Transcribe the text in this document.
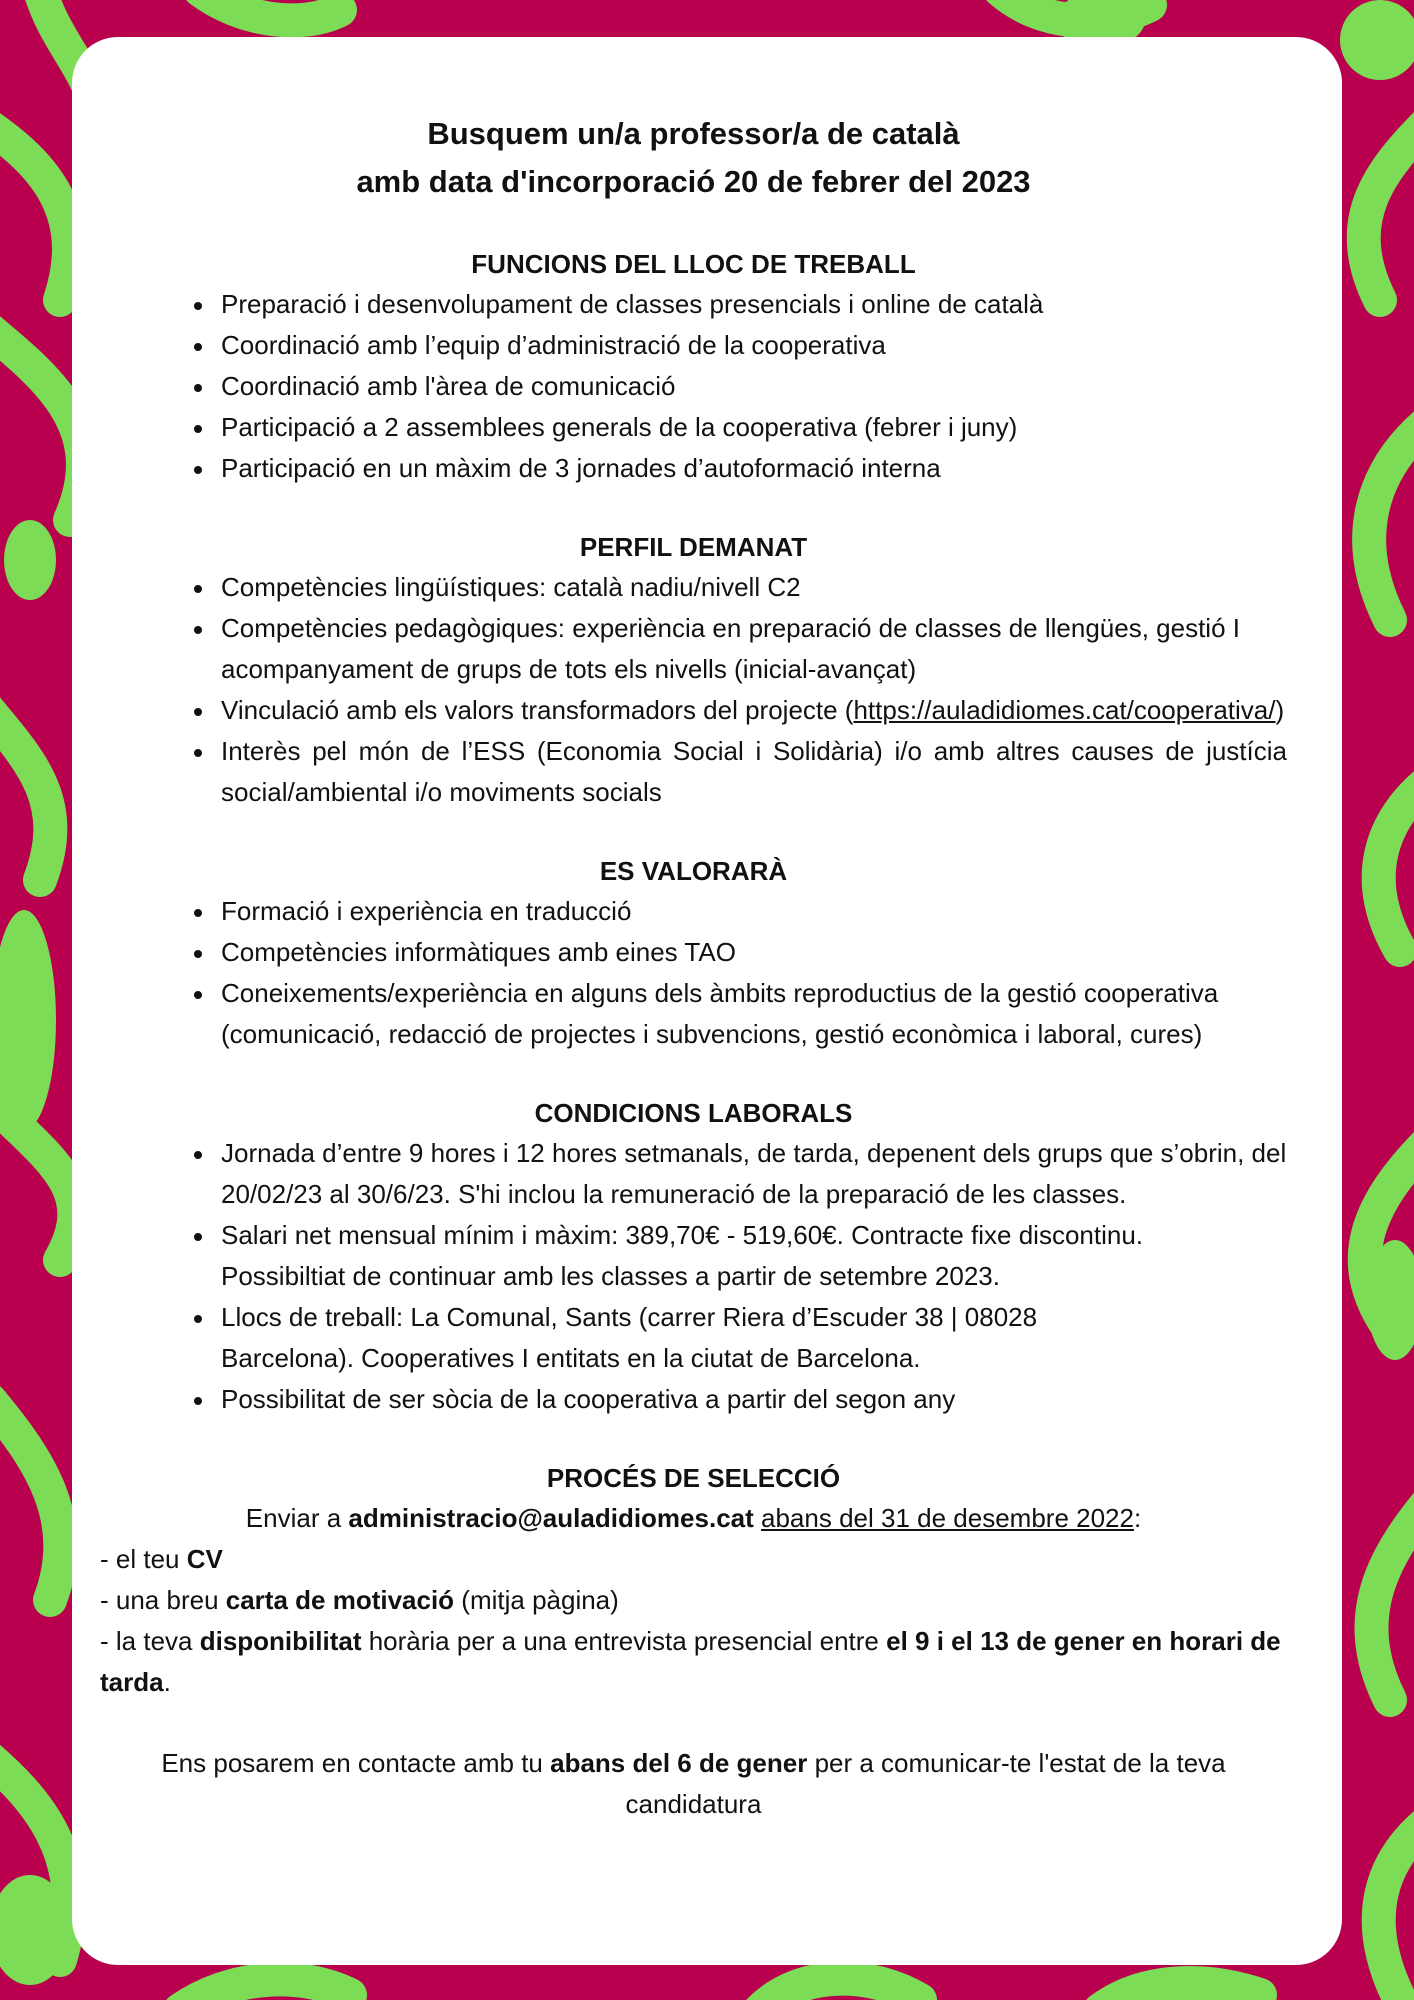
Busquem un/a professor/a de català

amb data d'incorporació 20 de febrer del 2023

FUNCIONS DEL LLOC DE TREBALL

Preparació i desenvolupament de classes presencials i online de català
Coordinació amb l’equip d’administració de la cooperativa
Coordinació amb l'àrea de comunicació
Participació a 2 assemblees generals de la cooperativa (febrer i juny)
Participació en un màxim de 3 jornades d’autoformació interna

PERFIL DEMANAT

Competències lingüístiques: català nadiu/nivell C2
Competències pedagògiques: experiència en preparació de classes de llengües, gestió I acompanyament de grups de tots els nivells (inicial-avançat)
Vinculació amb els valors transformadors del projecte (https://auladidiomes.cat/cooperativa/)
Interès pel món de l’ESS (Economia Social i Solidària) i/o amb altres causes de justícia social/ambiental i/o moviments socials

ES VALORARÀ

Formació i experiència en traducció
Competències informàtiques amb eines TAO
Coneixements/experiència en alguns dels àmbits reproductius de la gestió cooperativa (comunicació, redacció de projectes i subvencions, gestió econòmica i laboral, cures)

CONDICIONS LABORALS

Jornada d’entre 9 hores i 12 hores setmanals, de tarda, depenent dels grups que s’obrin, del 20/02/23 al 30/6/23. S'hi inclou la remuneració de la preparació de les classes.
Salari net mensual mínim i màxim: 389,70€ - 519,60€. Contracte fixe discontinu.
Possibiltiat de continuar amb les classes a partir de setembre 2023.
Llocs de treball: La Comunal, Sants (carrer Riera d’Escuder 38 | 08028
Barcelona). Cooperatives I entitats en la ciutat de Barcelona.
Possibilitat de ser sòcia de la cooperativa a partir del segon any

PROCÉS DE SELECCIÓ

Enviar a administracio@auladidiomes.cat abans del 31 de desembre 2022:

- el teu CV

- una breu carta de motivació (mitja pàgina)

- la teva disponibilitat horària per a una entrevista presencial entre el 9 i el 13 de gener en horari de tarda.

Ens posarem en contacte amb tu abans del 6 de gener per a comunicar-te l'estat de la teva candidatura
